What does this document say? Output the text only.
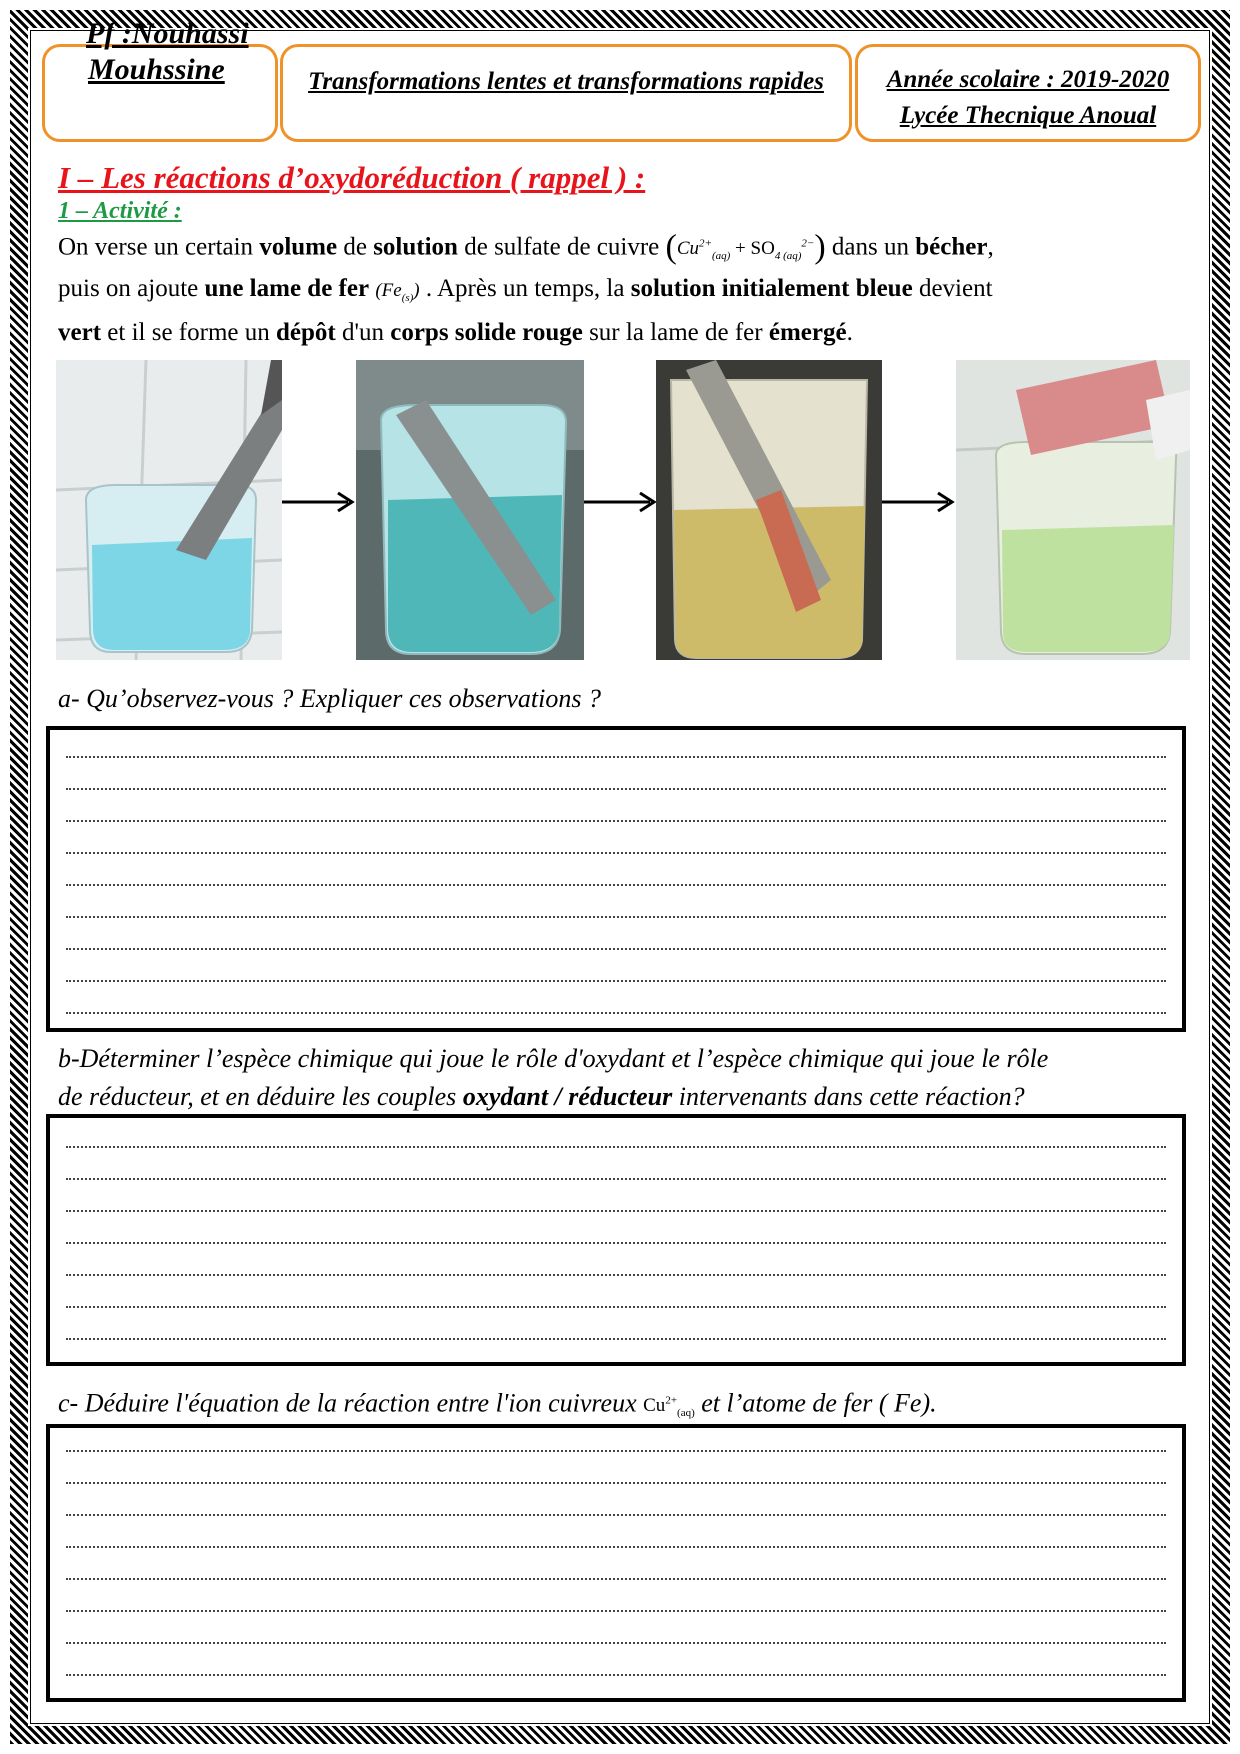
Pf :Nouhassi
Mouhssine	Transformations lentes et transformations rapides	Année scolaire : 2019-2020
Lycée Thecnique Anoual
I – Les réactions d’oxydoréduction ( rappel ) :
1 – Activité :
On verse un certain volume de solution de sulfate de cuivre $(Cu^{2+}_{(aq)} + SO_{4 (aq)}^{2-})$ dans un bécher,
puis on ajoute une lame de fer $(Fe_{(s)})$ . Après un temps, la solution initialement bleue devient
vert et il se forme un dépôt d'un corps solide rouge sur la lame de fer émergé.
a- Qu’observez-vous ? Expliquer ces observations ?
b-Déterminer l’espèce chimique qui joue le rôle d'oxydant et l’espèce chimique qui joue le rôle
de réducteur, et en déduire les couples oxydant / réducteur intervenants dans cette réaction?
c- Déduire l'équation de la réaction entre l'ion cuivreux $Cu^{2+}_{(aq)}$ et l’atome de fer ( Fe).
